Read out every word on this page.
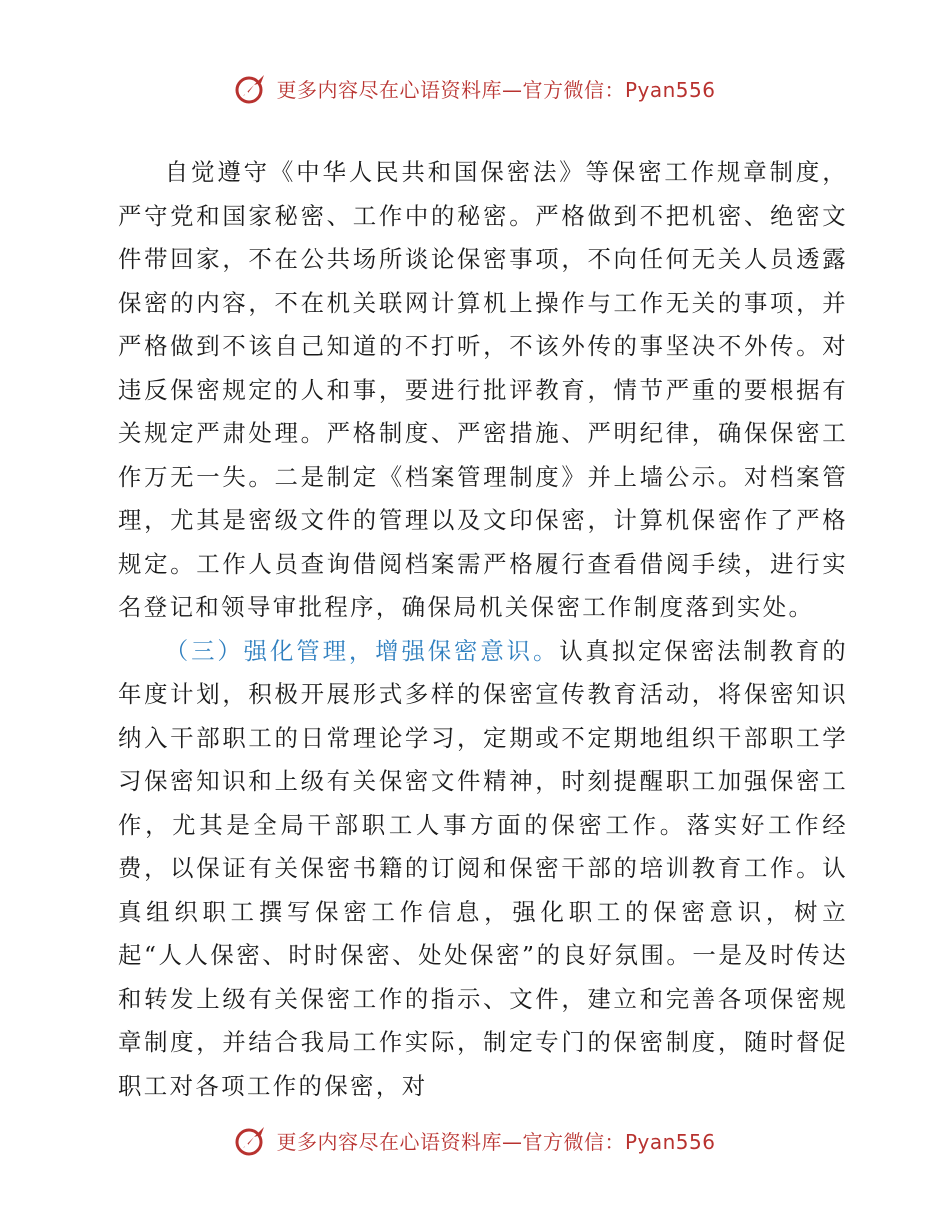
更多内容尽在心语资料库—官方微信：Pyan556

自觉遵守《中华人民共和国保密法》等保密工作规章制度，严守党和国家秘密、工作中的秘密。严格做到不把机密、绝密文件带回家，不在公共场所谈论保密事项，不向任何无关人员透露保密的内容，不在机关联网计算机上操作与工作无关的事项，并严格做到不该自己知道的不打听，不该外传的事坚决不外传。对违反保密规定的人和事，要进行批评教育，情节严重的要根据有关规定严肃处理。严格制度、严密措施、严明纪律，确保保密工作万无一失。二是制定《档案管理制度》并上墙公示。对档案管理，尤其是密级文件的管理以及文印保密，计算机保密作了严格规定。工作人员查询借阅档案需严格履行查看借阅手续，进行实名登记和领导审批程序，确保局机关保密工作制度落到实处。

（三）强化管理，增强保密意识。认真拟定保密法制教育的年度计划，积极开展形式多样的保密宣传教育活动，将保密知识纳入干部职工的日常理论学习，定期或不定期地组织干部职工学习保密知识和上级有关保密文件精神，时刻提醒职工加强保密工作，尤其是全局干部职工人事方面的保密工作。落实好工作经费，以保证有关保密书籍的订阅和保密干部的培训教育工作。认真组织职工撰写保密工作信息，强化职工的保密意识，树立起“人人保密、时时保密、处处保密”的良好氛围。一是及时传达和转发上级有关保密工作的指示、文件，建立和完善各项保密规章制度，并结合我局工作实际，制定专门的保密制度，随时督促职工对各项工作的保密，对

更多内容尽在心语资料库—官方微信：Pyan556
